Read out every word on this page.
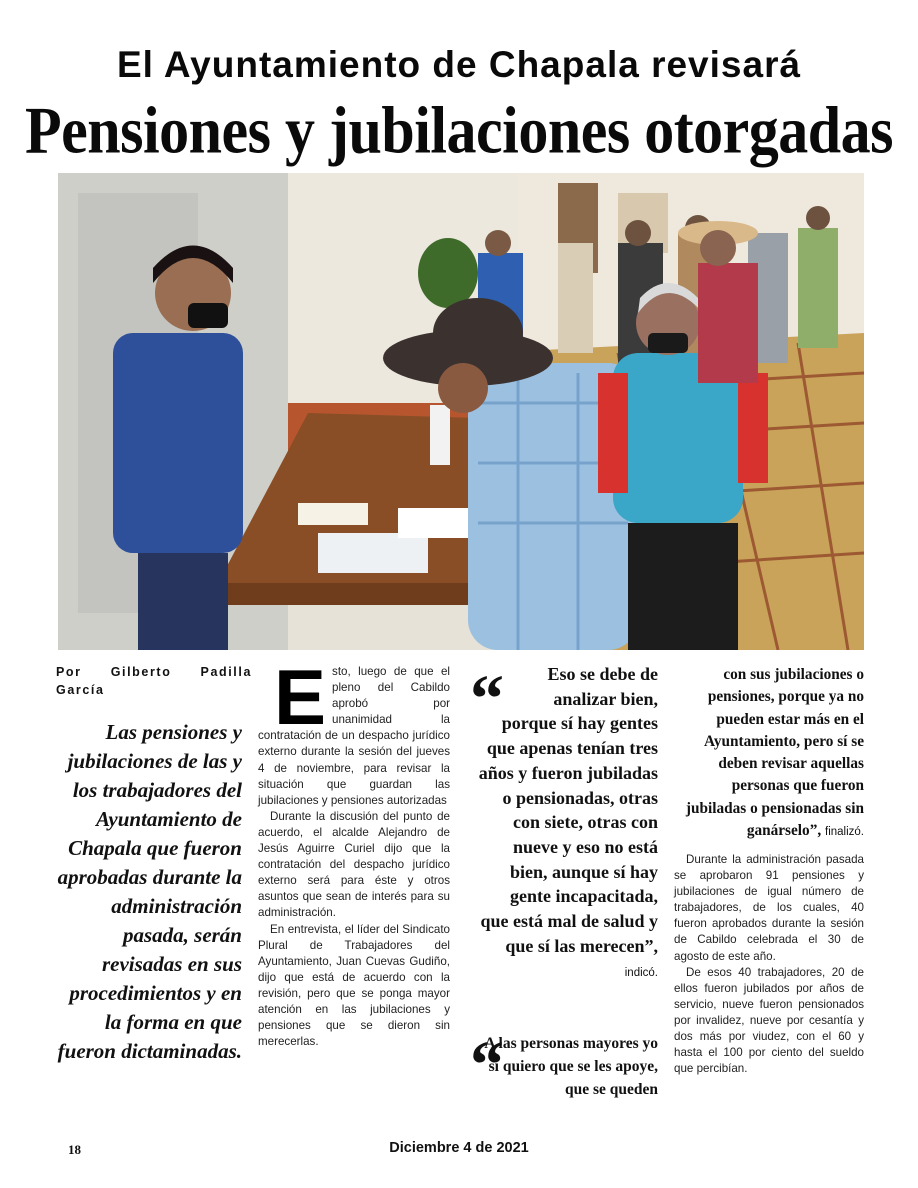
El Ayuntamiento de Chapala revisará
Pensiones y jubilaciones otorgadas
Por Gilberto Padilla García
Las pensiones y jubilaciones de las y los trabajadores del Ayuntamiento de Chapala que fueron aprobadas durante la administración pasada, serán revisadas en sus procedimientos y en la forma en que fueron dictaminadas.

Esto, luego de que el pleno del Cabildo aprobó por unanimidad la contratación de un despacho jurídico externo durante la sesión del jueves 4 de noviembre, para revisar la situación que guardan las jubilaciones y pensiones autorizadas

Durante la discusión del punto de acuerdo, el alcalde Alejandro de Jesús Aguirre Curiel dijo que la contratación del despacho jurídico externo será para éste y otros asuntos que sean de interés para su administración.

En entrevista, el líder del Sindicato Plural de Trabajadores del Ayuntamiento, Juan Cuevas Gudiño, dijo que está de acuerdo con la revisión, pero que se ponga mayor atención en las jubilaciones y pensiones que se dieron sin merecerlas.

“	Eso se debe de analizar bien,
porque sí hay gentes que apenas tenían tres años y fueron jubiladas o pensionadas, otras con siete, otras con nueve y eso no está bien, aunque sí hay gente incapacitada, que está mal de salud y que sí las merecen”, indicó.
“
A las personas mayores yo sí quiero que se les apoye, que se queden
con sus jubilaciones o pensiones, porque ya no pueden estar más en el Ayuntamiento, pero sí se deben revisar aquellas personas que fueron jubiladas o pensionadas sin ganárselo”, finalizó.

Durante la administración pasada se aprobaron 91 pensiones y jubilaciones de igual número de trabajadores, de los cuales, 40 fueron aprobados durante la sesión de Cabildo celebrada el 30 de agosto de este año.

De esos 40 trabajadores, 20 de ellos fueron jubilados por años de servicio, nueve fueron pensionados por invalidez, nueve por cesantía y dos más por viudez, con el 60 y hasta el 100 por ciento del sueldo que percibían.

18	Diciembre 4 de 2021
